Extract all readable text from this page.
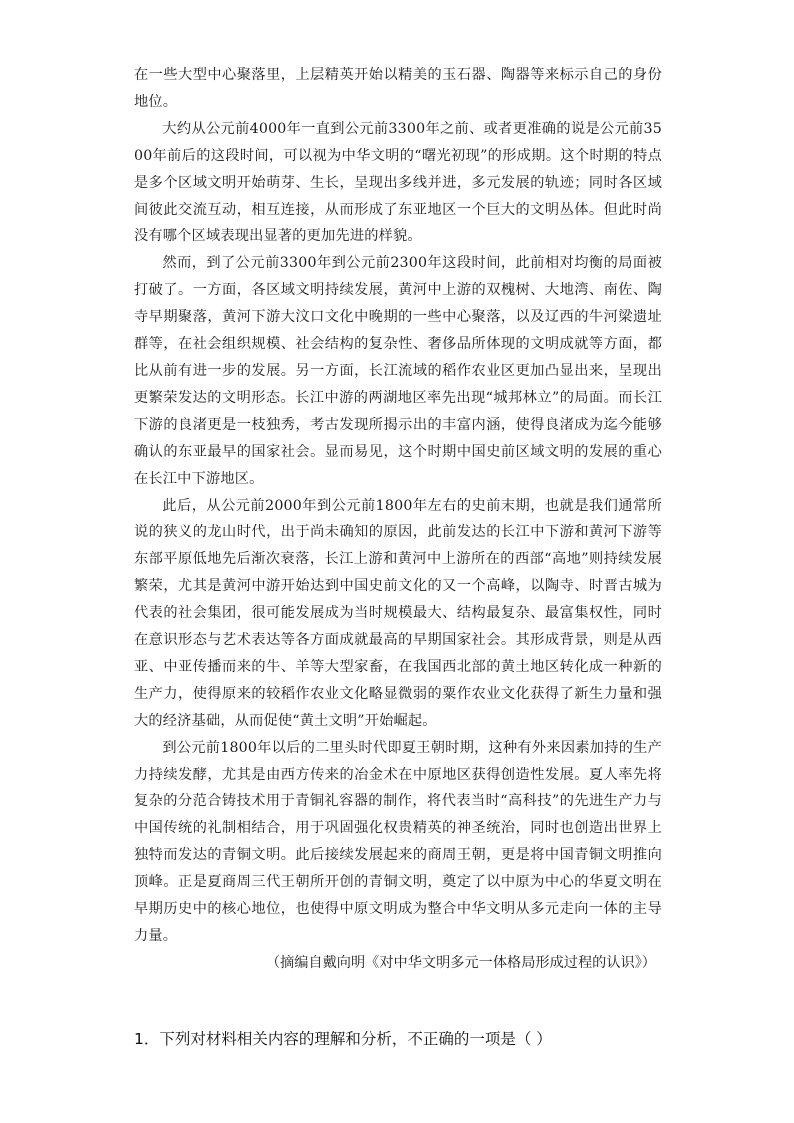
在一些大型中心聚落里，上层精英开始以精美的玉石器、陶器等来标示自己的身份地位。

大约从公元前4000年一直到公元前3300年之前、或者更准确的说是公元前3500年前后的这段时间，可以视为中华文明的“曙光初现”的形成期。这个时期的特点是多个区域文明开始萌芽、生长，呈现出多线并进，多元发展的轨迹；同时各区域间彼此交流互动，相互连接，从而形成了东亚地区一个巨大的文明丛体。但此时尚没有哪个区域表现出显著的更加先进的样貌。

然而，到了公元前3300年到公元前2300年这段时间，此前相对均衡的局面被打破了。一方面，各区域文明持续发展，黄河中上游的双槐树、大地湾、南佐、陶寺早期聚落，黄河下游大汶口文化中晚期的一些中心聚落，以及辽西的牛河梁遗址群等，在社会组织规模、社会结构的复杂性、奢侈品所体现的文明成就等方面，都比从前有进一步的发展。另一方面，长江流域的稻作农业区更加凸显出来，呈现出更繁荣发达的文明形态。长江中游的两湖地区率先出现“城邦林立”的局面。而长江下游的良渚更是一枝独秀，考古发现所揭示出的丰富内涵，使得良渚成为迄今能够确认的东亚最早的国家社会。显而易见，这个时期中国史前区域文明的发展的重心在长江中下游地区。

此后，从公元前2000年到公元前1800年左右的史前末期，也就是我们通常所说的狭义的龙山时代，出于尚未确知的原因，此前发达的长江中下游和黄河下游等东部平原低地先后渐次衰落，长江上游和黄河中上游所在的西部“高地”则持续发展繁荣，尤其是黄河中游开始达到中国史前文化的又一个高峰，以陶寺、时晋古城为代表的社会集团，很可能发展成为当时规模最大、结构最复杂、最富集权性，同时在意识形态与艺术表达等各方面成就最高的早期国家社会。其形成背景，则是从西亚、中亚传播而来的牛、羊等大型家畜，在我国西北部的黄土地区转化成一种新的生产力，使得原来的较稻作农业文化略显微弱的粟作农业文化获得了新生力量和强大的经济基础，从而促使“黄土文明”开始崛起。

到公元前1800年以后的二里头时代即夏王朝时期，这种有外来因素加持的生产力持续发酵，尤其是由西方传来的冶金术在中原地区获得创造性发展。夏人率先将复杂的分范合铸技术用于青铜礼容器的制作，将代表当时“高科技”的先进生产力与中国传统的礼制相结合，用于巩固强化权贵精英的神圣统治，同时也创造出世界上独特而发达的青铜文明。此后接续发展起来的商周王朝，更是将中国青铜文明推向顶峰。正是夏商周三代王朝所开创的青铜文明，奠定了以中原为中心的华夏文明在早期历史中的核心地位，也使得中原文明成为整合中华文明从多元走向一体的主导力量。

（摘编自戴向明《对中华文明多元一体格局形成过程的认识》）

1．下列对材料相关内容的理解和分析，不正确的一项是（ ）
